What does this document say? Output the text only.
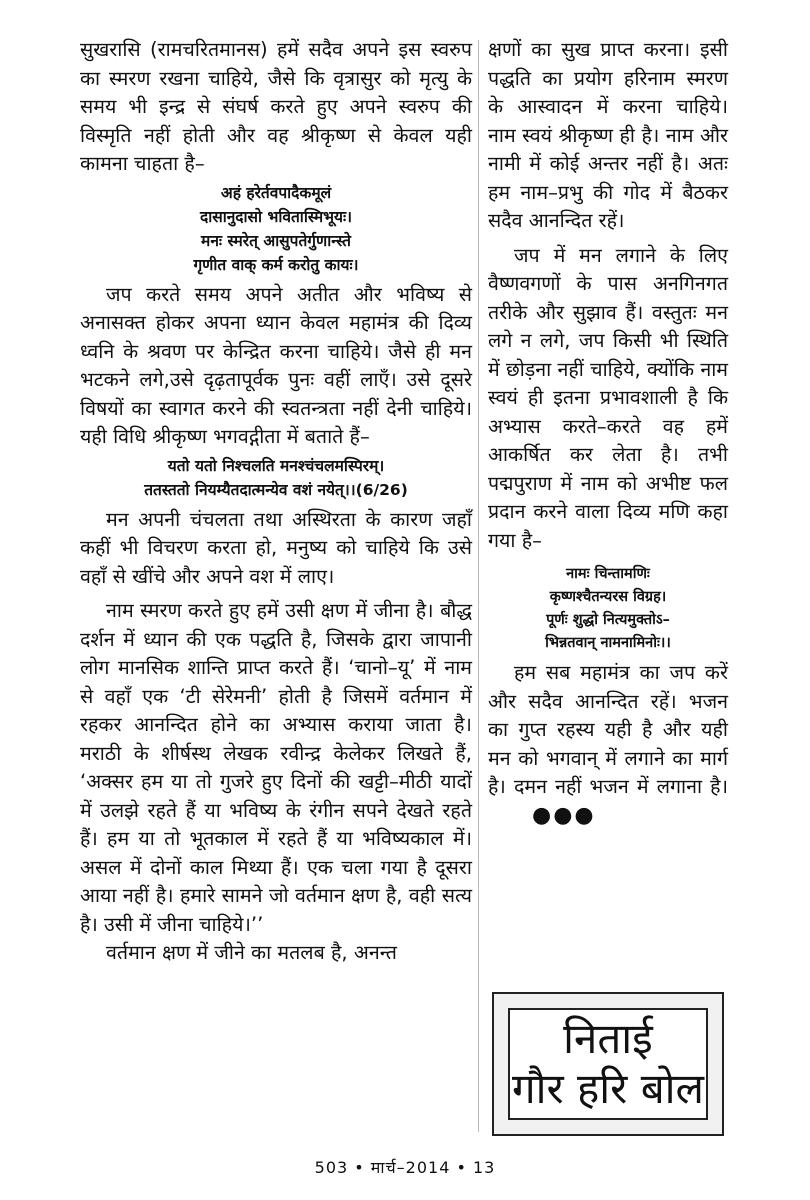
सुखरासि (रामचरितमानस) हमें सदैव अपने इस स्वरुप का स्मरण रखना चाहिये, जैसे कि वृत्रासुर को मृत्यु के समय भी इन्द्र से संघर्ष करते हुए अपने स्वरुप की विस्मृति नहीं होती और वह श्रीकृष्ण से केवल यही कामना चाहता है–

अहं हरेर्तवपादैकमूलं
दासानुदासो भवितास्मिभूयः।
मनः स्मरेत् आसुपतेर्गुणान्स्ते
गृणीत वाक् कर्म करोतु कायः।

जप करते समय अपने अतीत और भविष्य से अनासक्त होकर अपना ध्यान केवल महामंत्र की दिव्य ध्वनि के श्रवण पर केन्द्रित करना चाहिये। जैसे ही मन भटकने लगे,उसे दृढ़तापूर्वक पुनः वहीं लाएँ। उसे दूसरे विषयों का स्वागत करने की स्वतन्त्रता नहीं देनी चाहिये। यही विधि श्रीकृष्ण भगवद्गीता में बताते हैं–

यतो यतो निश्चलति मनश्चंचलमस्पिरम्।
ततस्ततो नियम्यैतदात्मन्येव वशं नयेत्।।(6/26)

मन अपनी चंचलता तथा अस्थिरता के कारण जहाँ कहीं भी विचरण करता हो, मनुष्य को चाहिये कि उसे वहाँ से खींचे और अपने वश में लाए।

नाम स्मरण करते हुए हमें उसी क्षण में जीना है। बौद्ध दर्शन में ध्यान की एक पद्धति है, जिसके द्वारा जापानी लोग मानसिक शान्ति प्राप्त करते हैं। ‘चानो–यू’ में नाम से वहाँ एक ‘टी सेरेमनी’ होती है जिसमें वर्तमान में रहकर आनन्दित होने का अभ्यास कराया जाता है। मराठी के शीर्षस्थ लेखक रवीन्द्र केलेकर लिखते हैं, ‘अक्सर हम या तो गुजरे हुए दिनों की खट्टी–मीठी यादों में उलझे रहते हैं या भविष्य के रंगीन सपने देखते रहते हैं। हम या तो भूतकाल में रहते हैं या भविष्यकाल में। असल में दोनों काल मिथ्या हैं। एक चला गया है दूसरा आया नहीं है। हमारे सामने जो वर्तमान क्षण है, वही सत्य है। उसी में जीना चाहिये।’’

वर्तमान क्षण में जीने का मतलब है, अनन्त

क्षणों का सुख प्राप्त करना। इसी पद्धति का प्रयोग हरिनाम स्मरण के आस्वादन में करना चाहिये। नाम स्वयं श्रीकृष्ण ही है। नाम और नामी में कोई अन्तर नहीं है। अतः हम नाम–प्रभु की गोद में बैठकर सदैव आनन्दित रहें।

जप में मन लगाने के लिए वैष्णवगणों के पास अनगिनगत तरीके और सुझाव हैं। वस्तुतः मन लगे न लगे, जप किसी भी स्थिति में छोड़ना नहीं चाहिये, क्योंकि नाम स्वयं ही इतना प्रभावशाली है कि अभ्यास करते–करते वह हमें आकर्षित कर लेता है। तभी पद्मपुराण में नाम को अभीष्ट फल प्रदान करने वाला दिव्य मणि कहा गया है–

नामः चिन्तामणिः
कृष्णश्चैतन्यरस विग्रह।
पूर्णः शुद्धो नित्यमुक्तोऽ–
भिन्नतवान् नामनामिनोः।।

हम सब महामंत्र का जप करें और सदैव आनन्दित रहें। भजन का गुप्त रहस्य यही है और यही मन को भगवान् में लगाने का मार्ग है। दमन नहीं भजन में लगाना है। ●●●

निताई
गौर हरि बोल
503 • मार्च–2014 • 13
